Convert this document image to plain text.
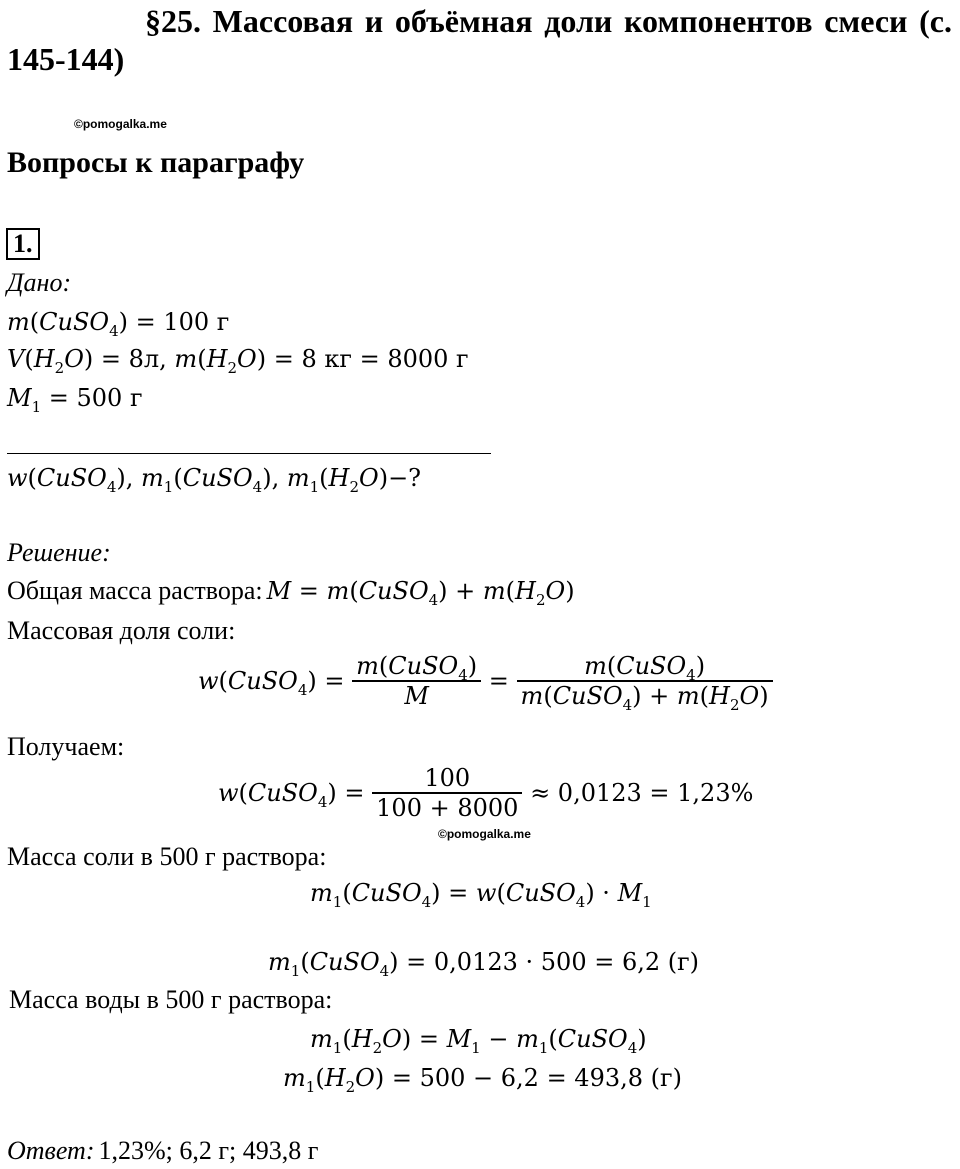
§25. Массовая и объёмная доли компонентов смеси (с. 145-144)
©pomogalka.me
Вопросы к параграфу
1.
Дано:
m(CuSO$_4$) = 100 г
$V(H_2O) = 8л$, $m(H_2O) = 8$ кг = 8000 г
$M_1 = 500$ г
w(CuSO$_4$), $m_1(CuSO_4)$, $m_1(H_2O)-$?
Решение:
Общая масса раствора: M = m(CuSO$_4$) + $m(H_2O)$
Массовая доля соли:
w(CuSO$_4$) = $\frac{m(CuSO_4)}{M} = \frac{m(CuSO_4)}{m(CuSO_4) + m(H_2O)}$
Получаем:
w(CuSO$_4$) = $\frac{100}{100 + 8000} \approx 0,0123 = 1,23\%$
©pomogalka.me
Масса соли в 500 г раствора:
$m_1(CuSO_4)$ = w(CuSO$_4$) · $M_1$
$m_1(CuSO_4) = 0,0123 \cdot 500 = 6,2$ (г)
Масса воды в 500 г раствора:
$m_1(H_2O) = M_1$ − $m_1(CuSO_4)$
$m_1(H_2O) = 500 - 6,2 = 493,8$ (г)
Ответ: 1,23%; 6,2 г; 493,8 г
